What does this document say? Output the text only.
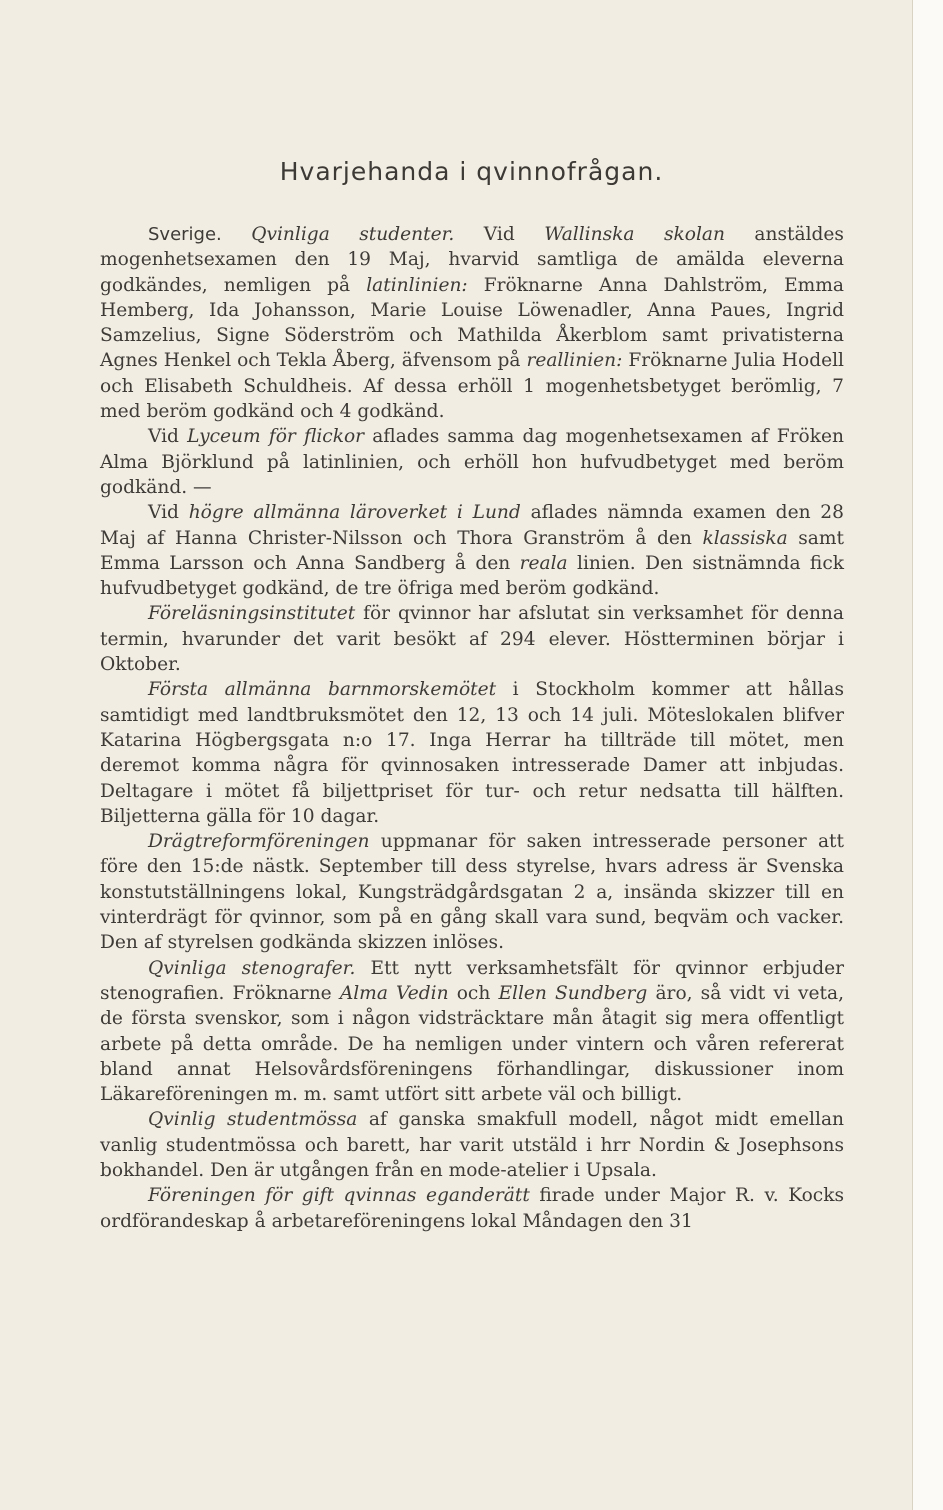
Hvarjehanda i qvinnofrågan.

Sverige. Qvinliga studenter. Vid Wallinska skolan anstäldes mogenhetsexamen den 19 Maj, hvarvid samtliga de amälda eleverna godkändes, nemligen på latinlinien: Fröknarne Anna Dahlström, Emma Hemberg, Ida Johansson, Marie Louise Löwenadler, Anna Paues, Ingrid Samzelius, Signe Söderström och Mathilda Åkerblom samt privatisterna Agnes Henkel och Tekla Åberg, äfvensom på reallinien: Fröknarne Julia Hodell och Elisabeth Schuldheis. Af dessa erhöll 1 mogenhetsbetyget berömlig, 7 med beröm godkänd och 4 godkänd.

Vid Lyceum för flickor aflades samma dag mogenhetsexamen af Fröken Alma Björklund på latinlinien, och erhöll hon hufvudbetyget med beröm godkänd. —

Vid högre allmänna läroverket i Lund aflades nämnda examen den 28 Maj af Hanna Christer-Nilsson och Thora Granström å den klassiska samt Emma Larsson och Anna Sandberg å den reala linien. Den sistnämnda fick hufvudbetyget godkänd, de tre öfriga med beröm godkänd.

Föreläsningsinstitutet för qvinnor har afslutat sin verksamhet för denna termin, hvarunder det varit besökt af 294 elever. Höstterminen börjar i Oktober.

Första allmänna barnmorskemötet i Stockholm kommer att hållas samtidigt med landtbruksmötet den 12, 13 och 14 juli. Möteslokalen blifver Katarina Högbergsgata n:o 17. Inga Herrar ha tillträde till mötet, men deremot komma några för qvinnosaken intresserade Damer att inbjudas. Deltagare i mötet få biljettpriset för tur- och retur nedsatta till hälften. Biljetterna gälla för 10 dagar.

Drägtreformföreningen uppmanar för saken intresserade personer att före den 15:de nästk. September till dess styrelse, hvars adress är Svenska konstutställningens lokal, Kungsträdgårdsgatan 2 a, insända skizzer till en vinterdrägt för qvinnor, som på en gång skall vara sund, beqväm och vacker. Den af styrelsen godkända skizzen inlöses.

Qvinliga stenografer. Ett nytt verksamhetsfält för qvinnor erbjuder stenografien. Fröknarne Alma Vedin och Ellen Sundberg äro, så vidt vi veta, de första svenskor, som i någon vidsträcktare mån åtagit sig mera offentligt arbete på detta område. De ha nemligen under vintern och våren refererat bland annat Helsovårdsföreningens förhandlingar, diskussioner inom Läkareföreningen m. m. samt utfört sitt arbete väl och billigt.

Qvinlig studentmössa af ganska smakfull modell, något midt emellan vanlig studentmössa och barett, har varit utstäld i hrr Nordin & Josephsons bokhandel. Den är utgången från en mode-atelier i Upsala.

Föreningen för gift qvinnas eganderätt firade under Major R. v. Kocks ordförandeskap å arbetareföreningens lokal Måndagen den 31
